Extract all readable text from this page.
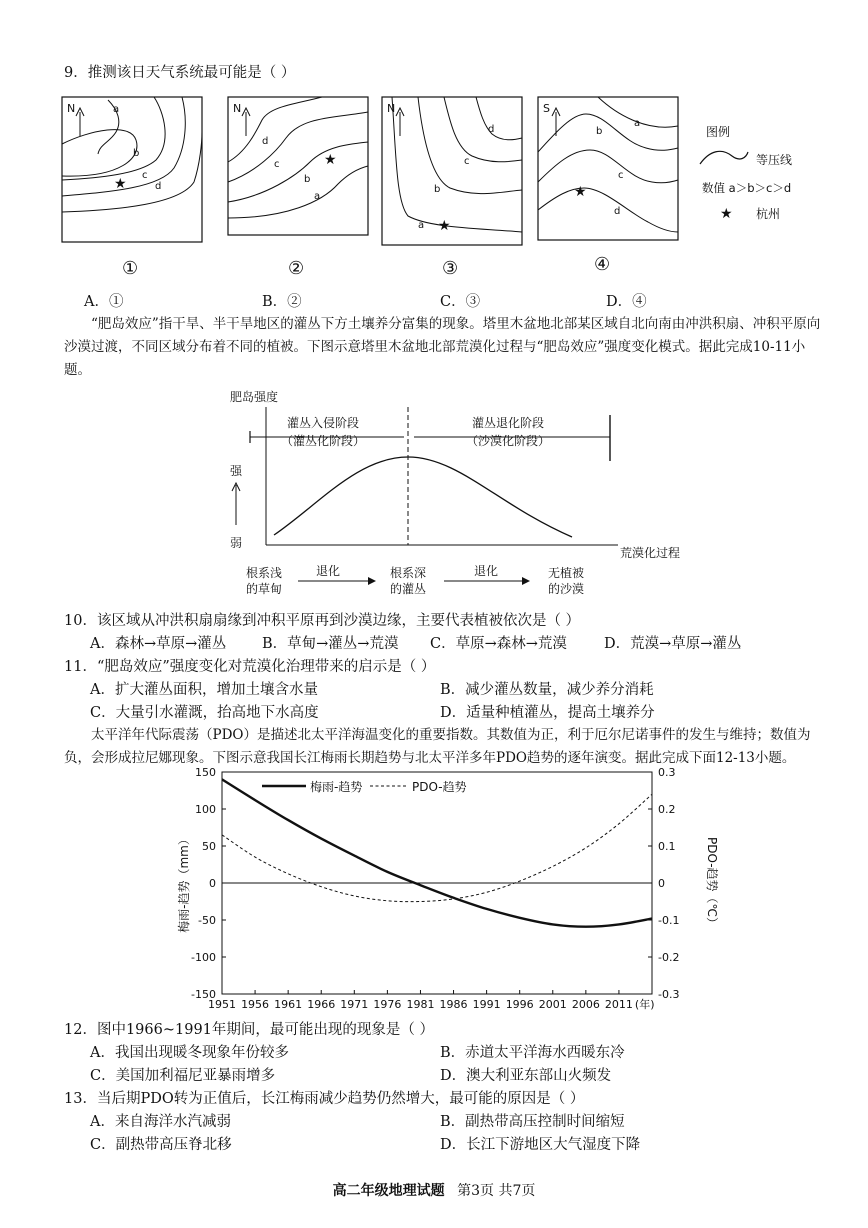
9．推测该日天气系统最可能是（ ）
N	a
b
c
d
★
①
N
d
c
b
a
★
②
N
d
c
b
a ★
③
S
a
b
c
d
★
④
图例
等压线
数值 a＞b＞c＞d
★ 杭州
A．①	B．②	C．③	D．④
“肥岛效应”指干旱、半干旱地区的灌丛下方土壤养分富集的现象。塔里木盆地北部某区域自北向南由冲洪积扇、冲积平原向沙漠过渡，不同区域分布着不同的植被。下图示意塔里木盆地北部荒漠化过程与“肥岛效应”强度变化模式。据此完成10-11小题。
肥岛强度
灌丛入侵阶段
（灌丛化阶段）
灌丛退化阶段
（沙漠化阶段）
强
弱
荒漠化过程
根系浅
的草甸
根系深
的灌丛
无植被
的沙漠
退化	退化
10．该区域从冲洪积扇扇缘到冲积平原再到沙漠边缘，主要代表植被依次是（ ）
A．森林→草原→灌丛 B．草甸→灌丛→荒漠 C．草原→森林→荒漠	D．荒漠→草原→灌丛
11．“肥岛效应”强度变化对荒漠化治理带来的启示是（ ）
A．扩大灌丛面积，增加土壤含水量	B．减少灌丛数量，减少养分消耗
C．大量引水灌溉，抬高地下水高度	D．适量种植灌丛，提高土壤养分
太平洋年代际震荡（PDO）是描述北太平洋海温变化的重要指数。其数值为正，利于厄尔尼诺事件的发生与维持；数值为负，会形成拉尼娜现象。下图示意我国长江梅雨长期趋势与北太平洋多年PDO趋势的逐年演变。据此完成下面12-13小题。
150
100
50
0
-50
-100
-150
0.3
0.2
0.1
0
-0.1
-0.2
-0.3
1951 1956 1961 1966 1971 1976 1981 1986 1991 1996 2001 2006 2011
梅雨-趋势	PDO-趋势
梅雨-趋势（mm）	PDO-趋势（℃）
(年)
12．图中1966~1991年期间，最可能出现的现象是（ ）
A．我国出现暖冬现象年份较多	B．赤道太平洋海水西暖东冷
C．美国加利福尼亚暴雨增多	D．澳大利亚东部山火频发
13．当后期PDO转为正值后，长江梅雨减少趋势仍然增大，最可能的原因是（ ）
A．来自海洋水汽减弱	B．副热带高压控制时间缩短
C．副热带高压脊北移	D．长江下游地区大气湿度下降
高二年级地理试题 第3页 共7页
